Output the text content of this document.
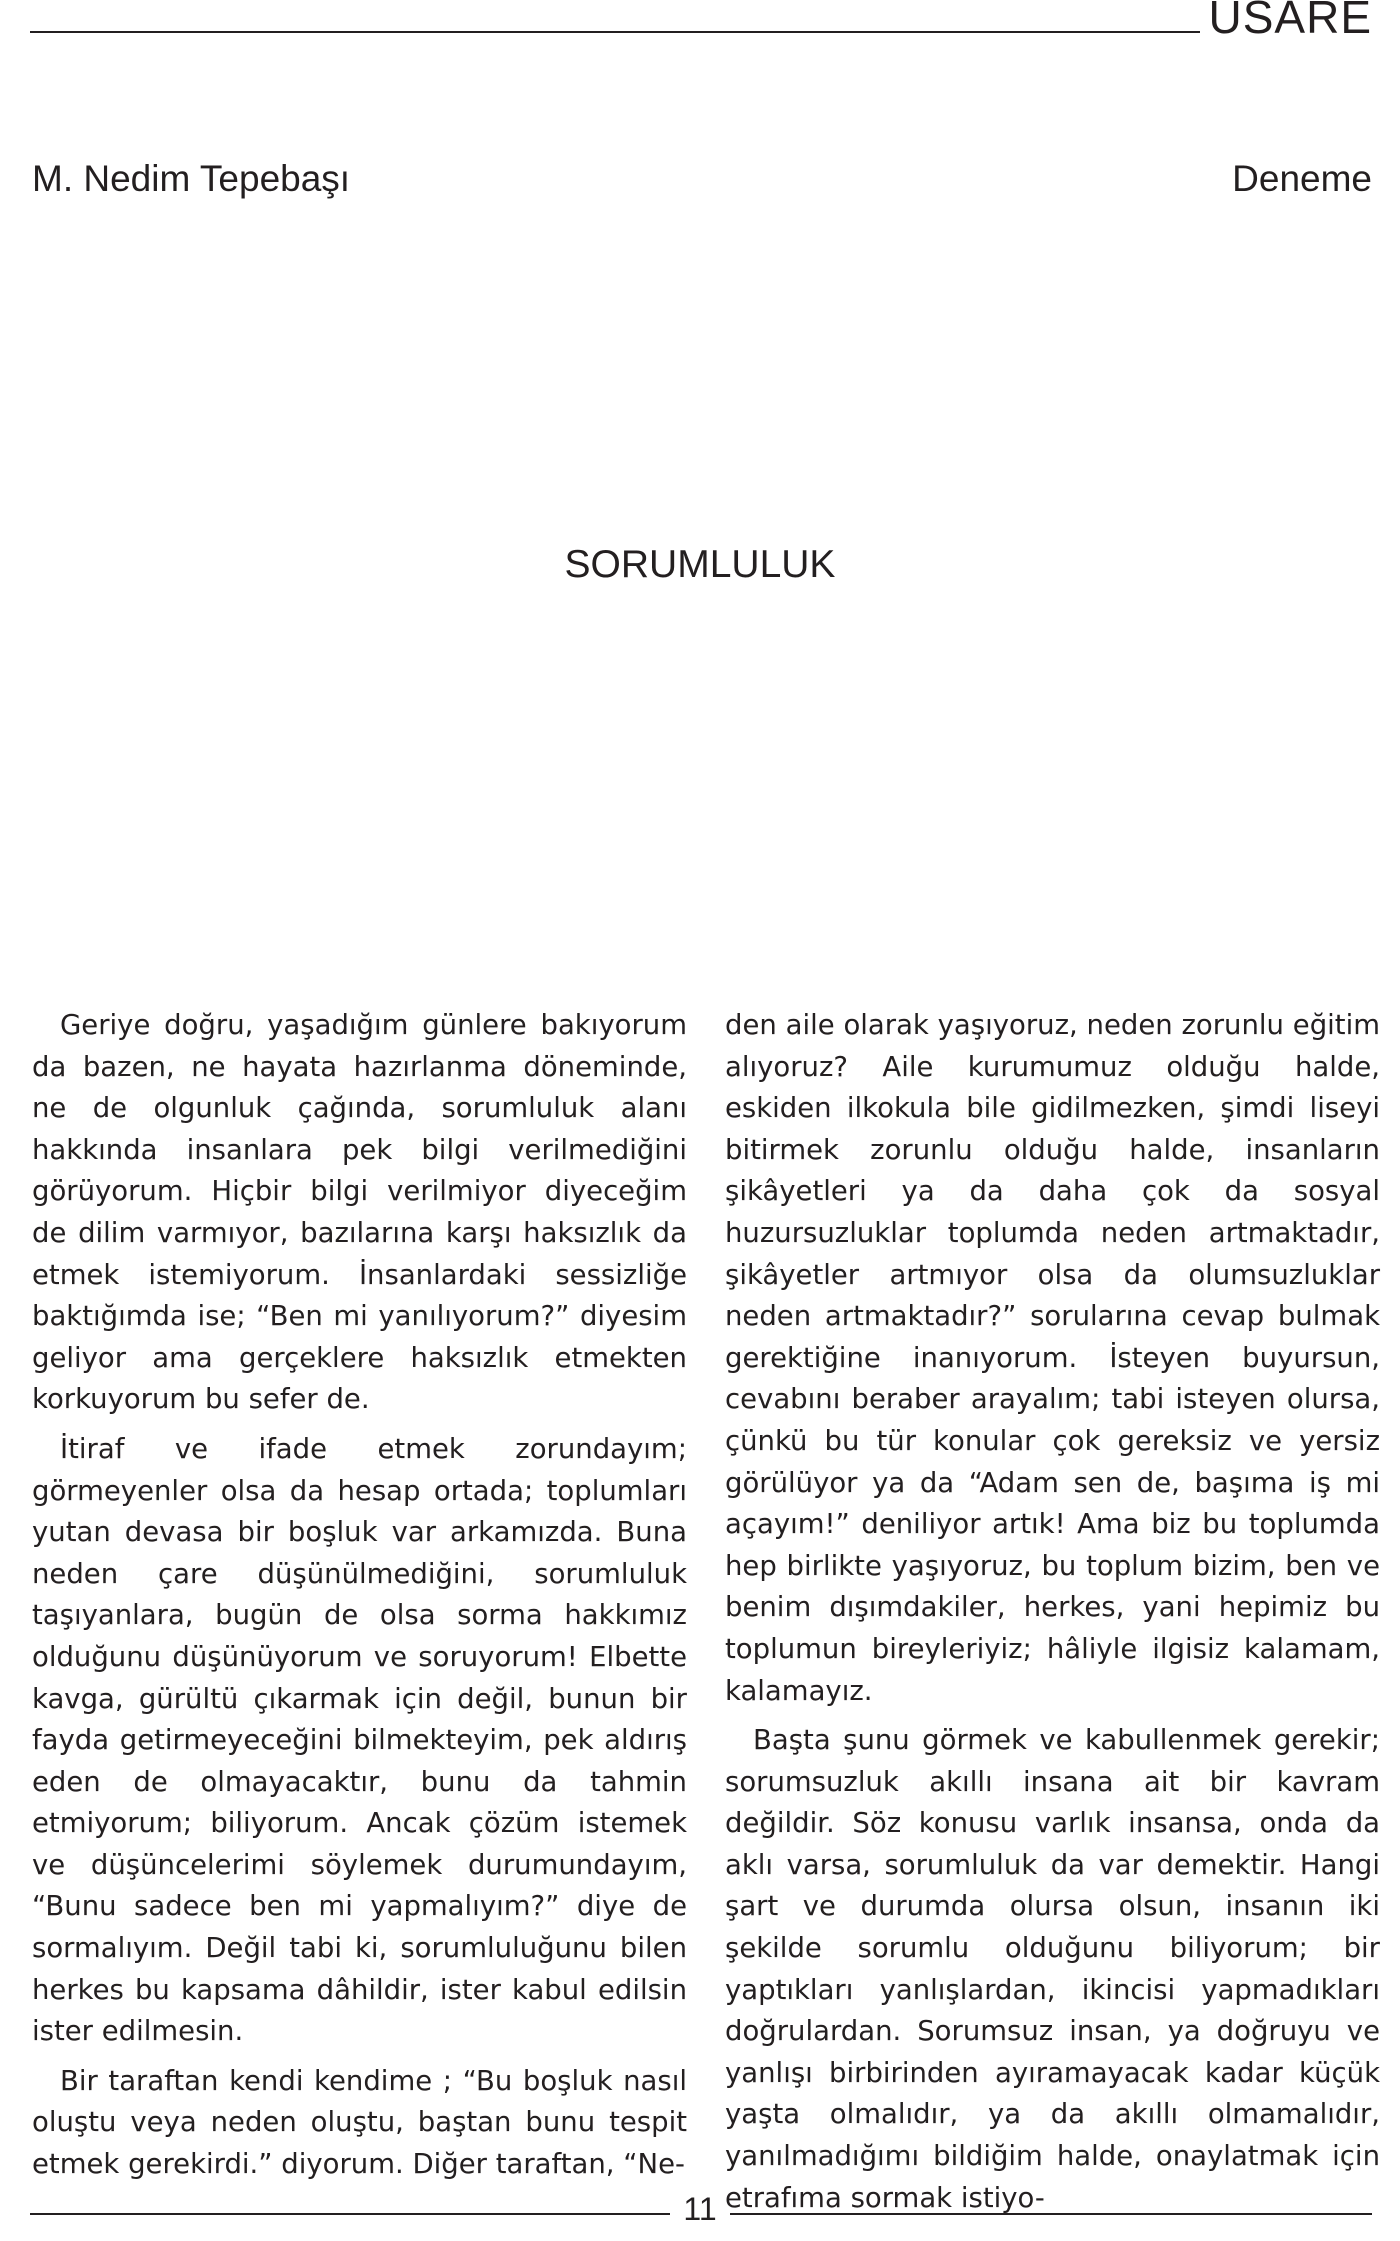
USARE
M. Nedim Tepebaşı	Deneme
SORUMLULUK

Geriye doğru, yaşadığım günlere bakıyorum da bazen, ne hayata hazırlanma döneminde, ne de olgunluk çağında, sorumluluk alanı hakkında insanlara pek bilgi verilmediğini görüyorum. Hiçbir bilgi verilmiyor diyeceğim de dilim varmıyor, bazılarına karşı haksızlık da etmek istemiyorum. İnsanlardaki sessizliğe baktığımda ise; “Ben mi yanılıyorum?” diyesim geliyor ama gerçeklere haksızlık etmekten korkuyorum bu sefer de.

İtiraf ve ifade etmek zorundayım; görmeyenler olsa da hesap ortada; toplumları yutan devasa bir boşluk var arkamızda. Buna neden çare düşünülmediğini, sorumluluk taşıyanlara, bugün de olsa sorma hakkımız olduğunu düşünüyorum ve soruyorum! Elbette kavga, gürültü çıkarmak için değil, bunun bir fayda getirmeyeceğini bilmekteyim, pek aldırış eden de olmayacaktır, bunu da tahmin etmiyorum; biliyorum. Ancak çözüm istemek ve düşüncelerimi söylemek durumundayım, “Bunu sadece ben mi yapmalıyım?” diye de sormalıyım. Değil tabi ki, sorumluluğunu bilen herkes bu kapsama dâhildir, ister kabul edilsin ister edilmesin.

Bir taraftan kendi kendime ; “Bu boşluk nasıl oluştu veya neden oluştu, baştan bunu tespit etmek gerekirdi.” diyorum. Diğer taraftan, “Ne-

den aile olarak yaşıyoruz, neden zorunlu eğitim alıyoruz? Aile kurumumuz olduğu halde, eskiden ilkokula bile gidilmezken, şimdi liseyi bitirmek zorunlu olduğu halde, insanların şikâyetleri ya da daha çok da sosyal huzursuzluklar toplumda neden artmaktadır, şikâyetler artmıyor olsa da olumsuzluklar neden artmaktadır?” sorularına cevap bulmak gerektiğine inanıyorum. İsteyen buyursun, cevabını beraber arayalım; tabi isteyen olursa, çünkü bu tür konular çok gereksiz ve yersiz görülüyor ya da “Adam sen de, başıma iş mi açayım!” deniliyor artık! Ama biz bu toplumda hep birlikte yaşıyoruz, bu toplum bizim, ben ve benim dışımdakiler, herkes, yani hepimiz bu toplumun bireyleriyiz; hâliyle ilgisiz kalamam, kalamayız.

Başta şunu görmek ve kabullenmek gerekir; sorumsuzluk akıllı insana ait bir kavram değildir. Söz konusu varlık insansa, onda da aklı varsa, sorumluluk da var demektir. Hangi şart ve durumda olursa olsun, insanın iki şekilde sorumlu olduğunu biliyorum; bir yaptıkları yanlışlardan, ikincisi yapmadıkları doğrulardan. Sorumsuz insan, ya doğruyu ve yanlışı birbirinden ayıramayacak kadar küçük yaşta olmalıdır, ya da akıllı olmamalıdır, yanılmadığımı bildiğim halde, onaylatmak için etrafıma sormak istiyo-

11
